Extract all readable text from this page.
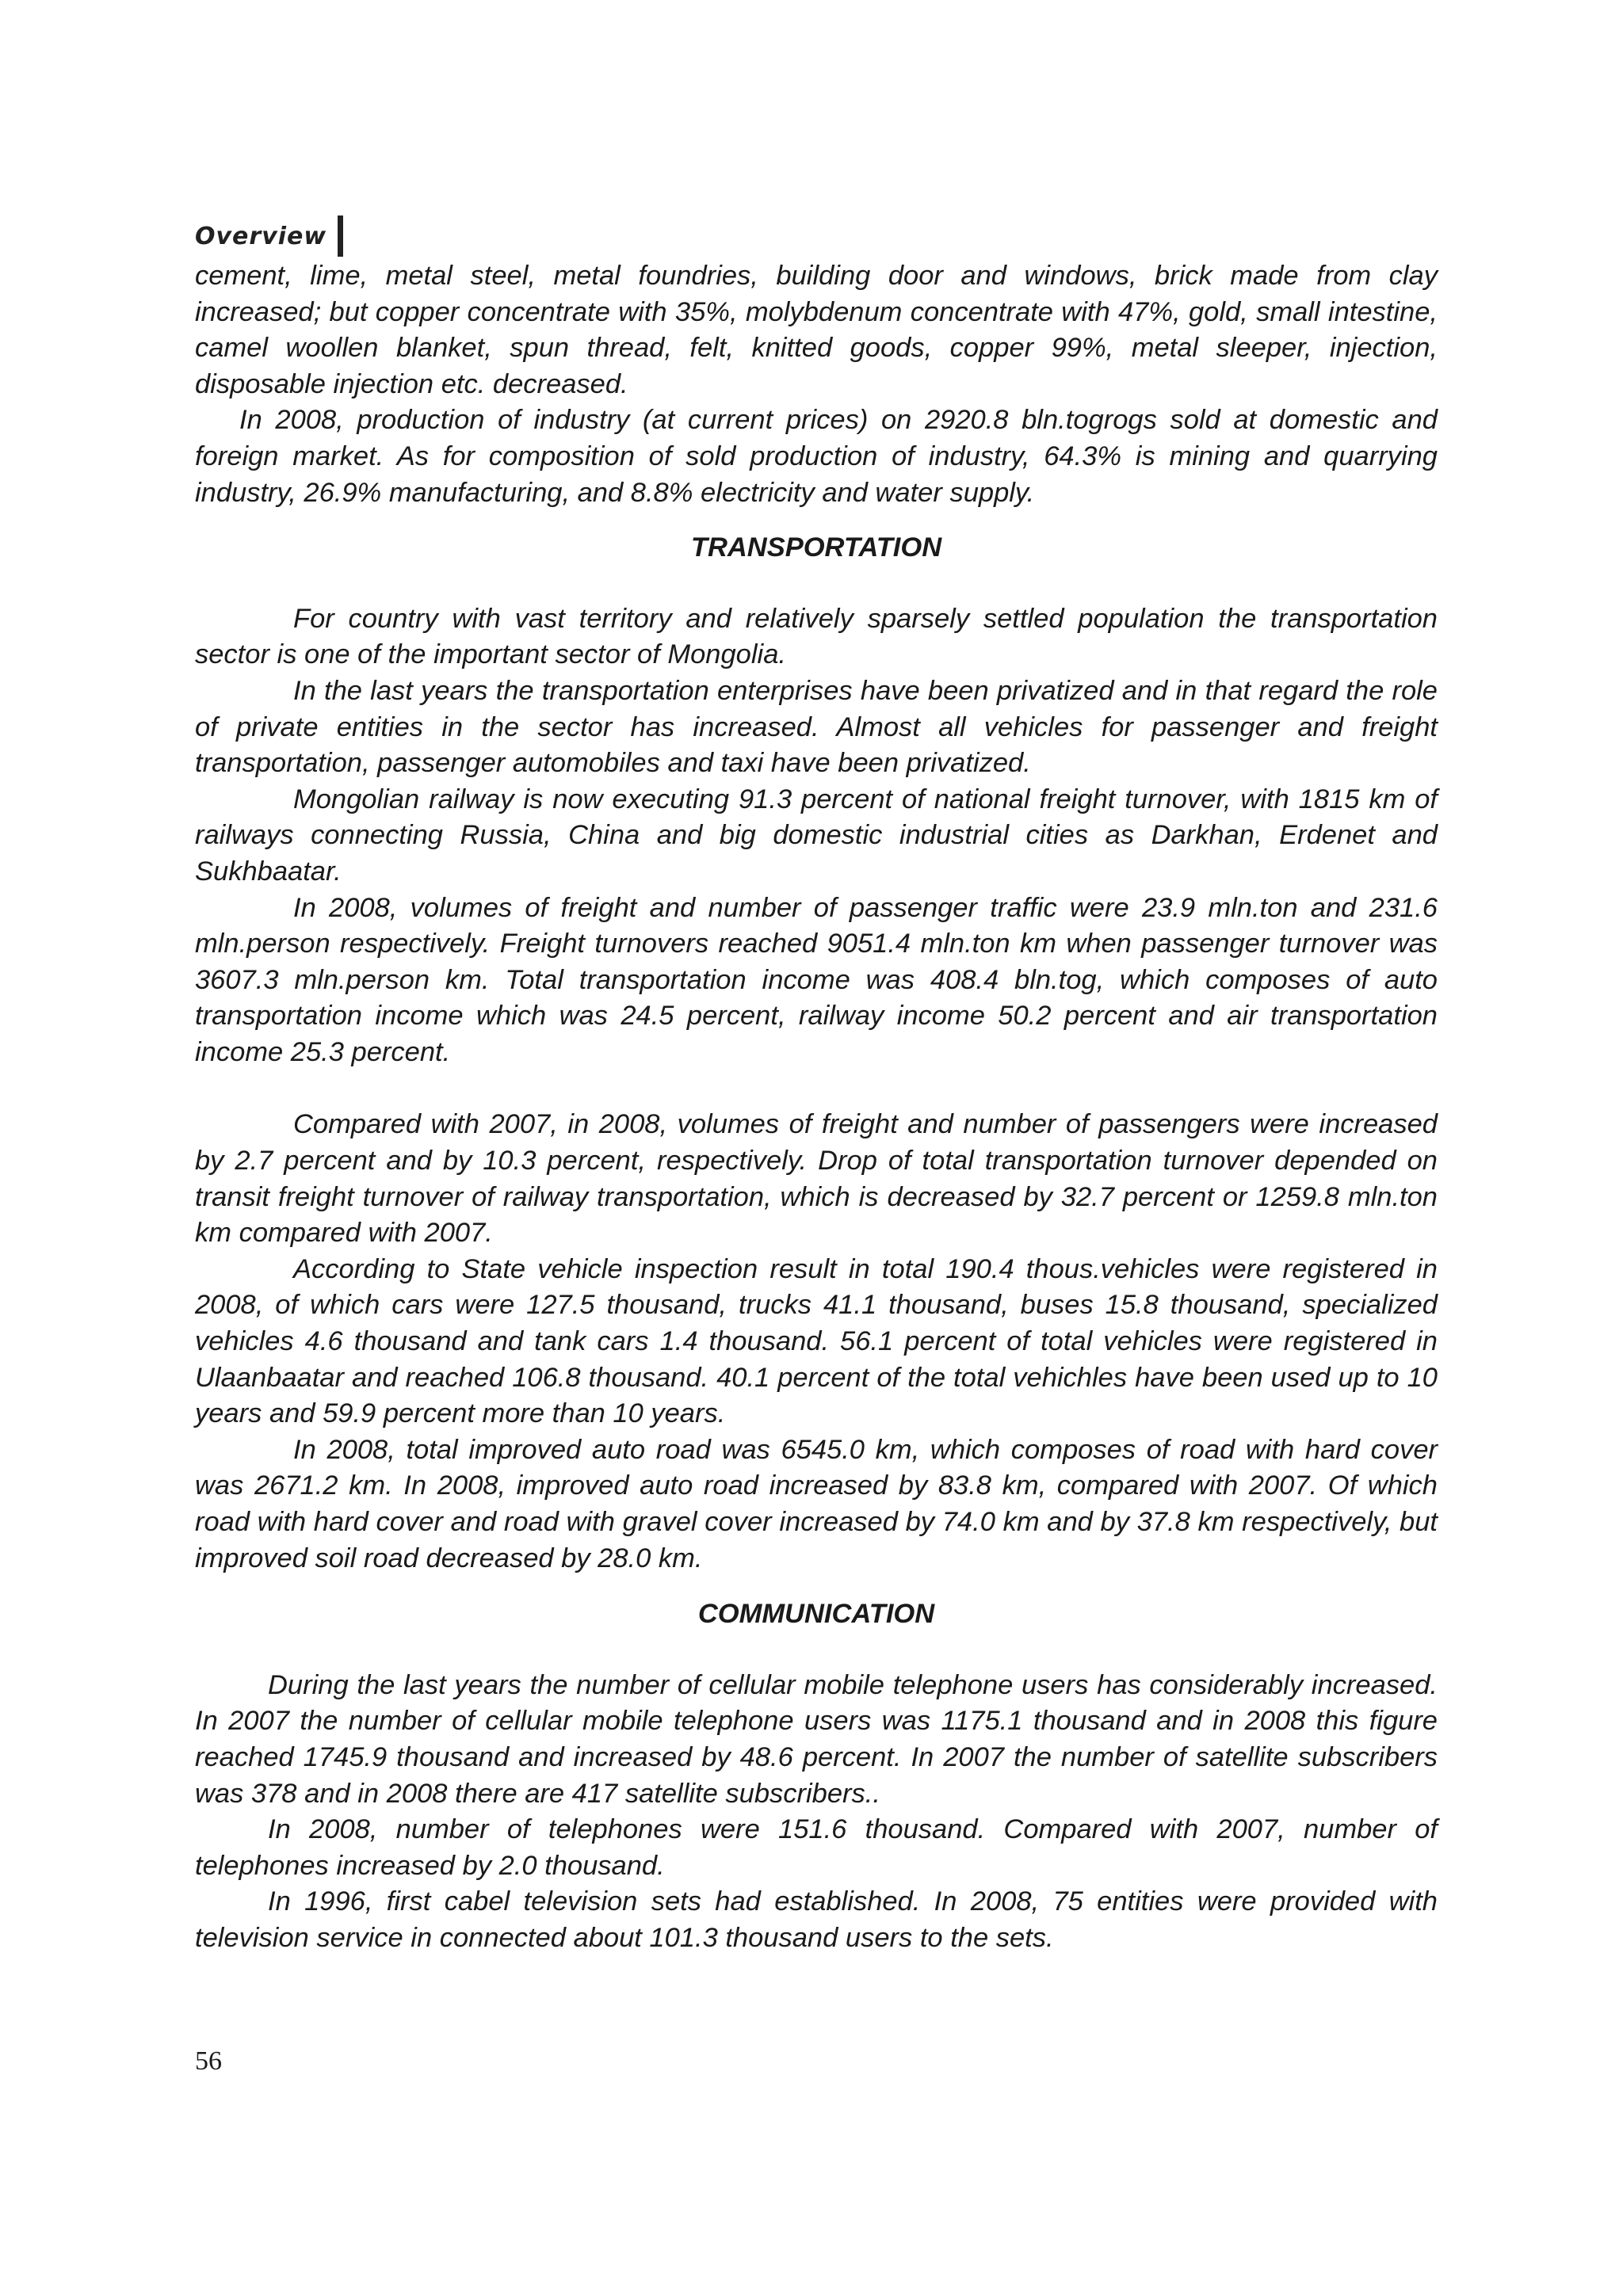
Overview

cement, lime, metal steel, metal foundries, building door and windows, brick made from clay increased; but copper concentrate with 35%, molybdenum concentrate with 47%, gold, small intestine, camel woollen blanket, spun thread, felt, knitted goods, copper 99%, metal sleeper, injection, disposable injection etc. decreased.

In 2008, production of industry (at current prices) on 2920.8 bln.togrogs sold at domestic and foreign market. As for composition of sold production of industry, 64.3% is mining and quarrying industry, 26.9% manufacturing, and 8.8% electricity and water supply.

TRANSPORTATION

For country with vast territory and relatively sparsely settled population the transportation sector is one of the important sector of Mongolia.

In the last years the transportation enterprises have been privatized and in that regard the role of private entities in the sector has increased. Almost all vehicles for passenger and freight transportation, passenger automobiles and taxi have been privatized.

Mongolian railway is now executing 91.3 percent of national freight turnover, with 1815 km of railways connecting Russia, China and big domestic industrial cities as Darkhan, Erdenet and Sukhbaatar.

In 2008, volumes of freight and number of passenger traffic were 23.9 mln.ton and 231.6 mln.person respectively. Freight turnovers reached 9051.4 mln.ton km when passenger turnover was 3607.3 mln.person km. Total transportation income was 408.4 bln.tog, which composes of auto transportation income which was 24.5 percent, railway income 50.2 percent and air transportation income 25.3 percent.

Compared with 2007, in 2008, volumes of freight and number of passengers were increased by 2.7 percent and by 10.3 percent, respectively. Drop of total transportation turnover depended on transit freight turnover of railway transportation, which is decreased by 32.7 percent or 1259.8 mln.ton km compared with 2007.

According to State vehicle inspection result in total 190.4 thous.vehicles were registered in 2008, of which cars were 127.5 thousand, trucks 41.1 thousand, buses 15.8 thousand, specialized vehicles 4.6 thousand and tank cars 1.4 thousand. 56.1 percent of total vehicles were registered in Ulaanbaatar and reached 106.8 thousand. 40.1 percent of the total vehichles have been used up to 10 years and 59.9 percent more than 10 years.

In 2008, total improved auto road was 6545.0 km, which composes of road with hard cover was 2671.2 km. In 2008, improved auto road increased by 83.8 km, compared with 2007. Of which road with hard cover and road with gravel cover increased by 74.0 km and by 37.8 km respectively, but improved soil road decreased by 28.0 km.

COMMUNICATION

During the last years the number of cellular mobile telephone users has considerably increased. In 2007 the number of cellular mobile telephone users was 1175.1 thousand and in 2008 this figure reached 1745.9 thousand and increased by 48.6 percent. In 2007 the number of satellite subscribers was 378 and in 2008 there are 417 satellite subscribers..

In 2008, number of telephones were 151.6 thousand. Compared with 2007, number of telephones increased by 2.0 thousand.

In 1996, first cabel television sets had established. In 2008, 75 entities were provided with television service in connected about 101.3 thousand users to the sets.

56
